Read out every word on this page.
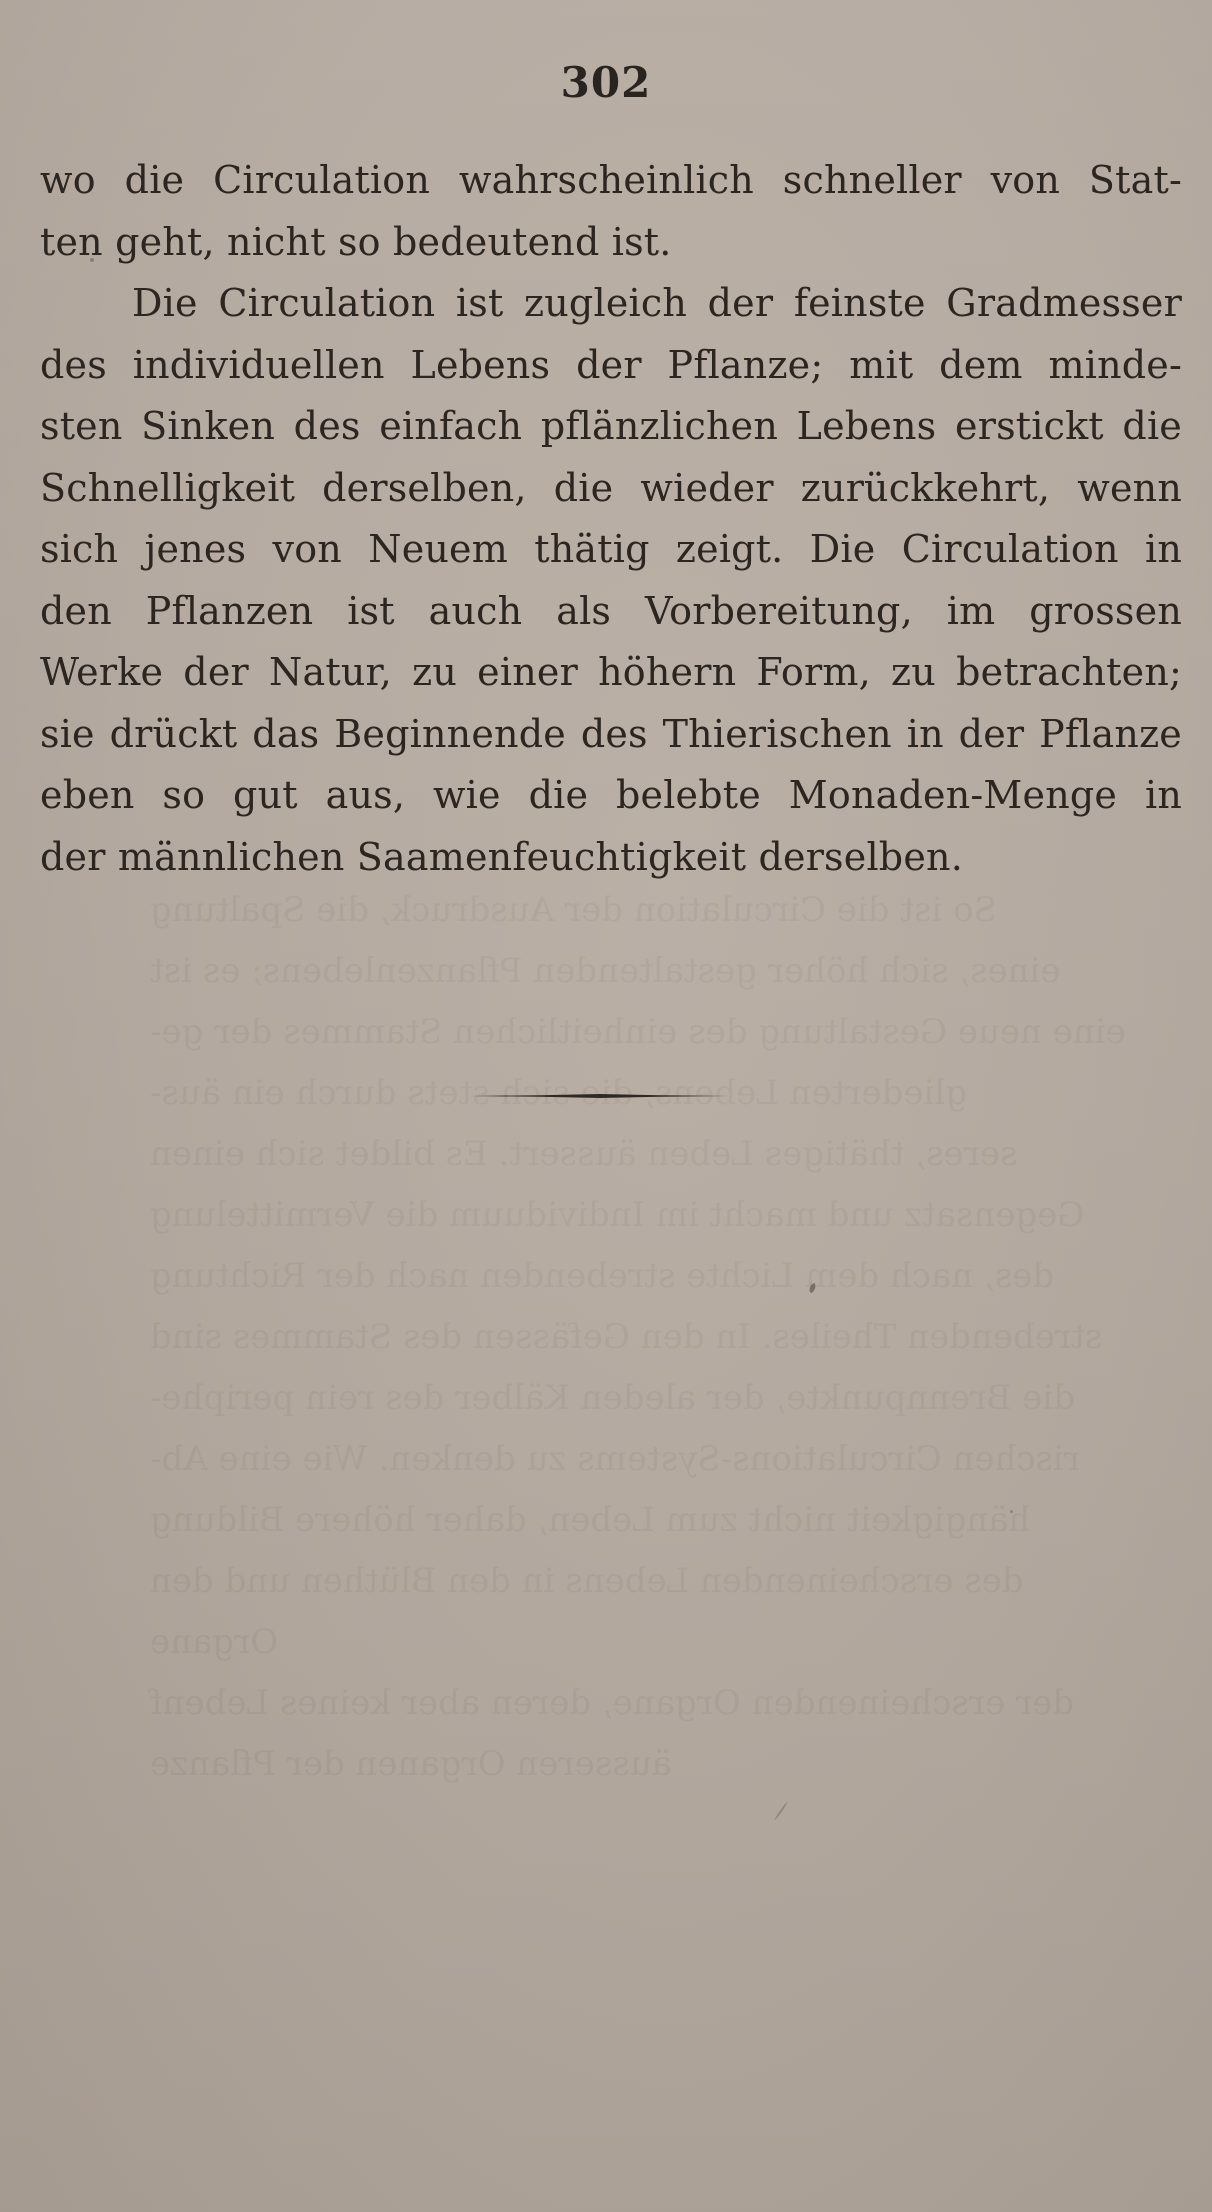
So ist die Circulation der Ausdruck, die Spaltung
eines, sich höher gestaltenden Pflanzenlebens; es ist
eine neue Gestaltung des einheitlichen Stammes der ge-
gliederten Lebens, die sich stets durch ein äus-
seres, thätiges Leben äussert. Es bildet sich einen
Gegensatz und macht im Individuum die Vermittelung
des, nach dem Lichte strebenden nach der Richtung
strebenden Theiles. In den Gefässen des Stammes sind
die Brennpunkte, der aleden Kälber des rein periphe-
rischen Circulations-Systems zu denken. Wie eine Ab-
hängigkeit nicht zum Leben, daher höhere Bildung
des erscheinenden Lebens in den Blüthen und den Organe
der erscheinenden Organe, deren aber keines Lebenf
äusseren Organen der Pflanze
302
wo die Circulation wahrscheinlich schneller von Stat-
ten geht, nicht so bedeutend ist.
Die Circulation ist zugleich der feinste Gradmesser
des individuellen Lebens der Pflanze; mit dem minde-
sten Sinken des einfach pflänzlichen Lebens erstickt die
Schnelligkeit derselben, die wieder zurückkehrt, wenn
sich jenes von Neuem thätig zeigt. Die Circulation in
den Pflanzen ist auch als Vorbereitung, im grossen
Werke der Natur, zu einer höhern Form, zu betrachten;
sie drückt das Beginnende des Thierischen in der Pflanze
eben so gut aus, wie die belebte Monaden-Menge in
der männlichen Saamenfeuchtigkeit derselben.
